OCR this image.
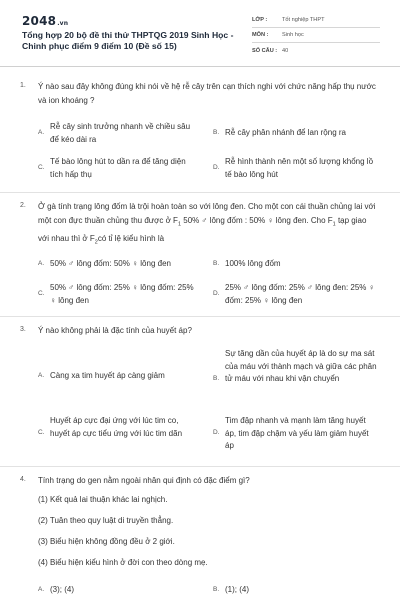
2048.vn
Tổng hợp 20 bộ đề thi thử THPTQG 2019 Sinh Học - Chinh phục điểm 9 điểm 10 (Đề số 15)
LỚP :	Tốt nghiệp THPT
MÔN :	Sinh học
SỐ CÂU : 40
1. Ý nào sau đây không đúng khi nói về hệ rễ cây trên cạn thích nghi với chức năng hấp thụ nước và ion khoáng ?
A.
Rễ cây sinh trưởng nhanh về chiều sâu để kéo dài ra
B. Rễ cây phân nhánh để lan rộng ra
C.
Tế bào lông hút to dần ra để tăng diện tích hấp thụ
D.
Rễ hình thành nên một số lượng khổng lồ tế bào lông hút
2. Ở gà tính trạng lông đốm là trội hoàn toàn so với lông đen. Cho một con cái thuần chủng lai với một con đực thuần chủng thu được ở $F_1$ 50% ♂ lông đốm : 50% ♀ lông đen. Cho $F_1$ tạp giao với nhau thì ở $F_2có$ tỉ lệ kiểu hình là
A. 50% ♂ lông đốm: 50% ♀ lông đen	B. 100% lông đốm
C.
50% ♂ lông đốm: 25% ♀ lông đốm: 25% ♀ lông đen
D.
25% ♂ lông đốm: 25% ♂ lông đen: 25% ♀ đốm: 25% ♀ lông đen
3. Ý nào không phải là đặc tính của huyết áp?
A. Càng xa tim huyết áp càng giảm	B.
Sự tăng dần của huyết áp là do sự ma sát của máu với thành mạch và giữa các phân tử máu với nhau khi vận chuyển
C.
Huyết áp cực đại ứng với lúc tim co, huyết áp cực tiểu ứng với lúc tim dãn	D.
Tim đập nhanh và mạnh làm tăng huyết áp, tim đập chậm và yếu làm giảm huyết áp
4. Tính trạng do gen nằm ngoài nhân qui định có đặc điểm gì?
(1) Kết quả lai thuận khác lai nghịch.
(2) Tuân theo quy luật di truyền thẳng.
(3) Biểu hiện không đồng đều ở 2 giới.
(4) Biểu hiện kiểu hình ở đời con theo dòng mẹ.
A. (3); (4)	B. (1); (4)
